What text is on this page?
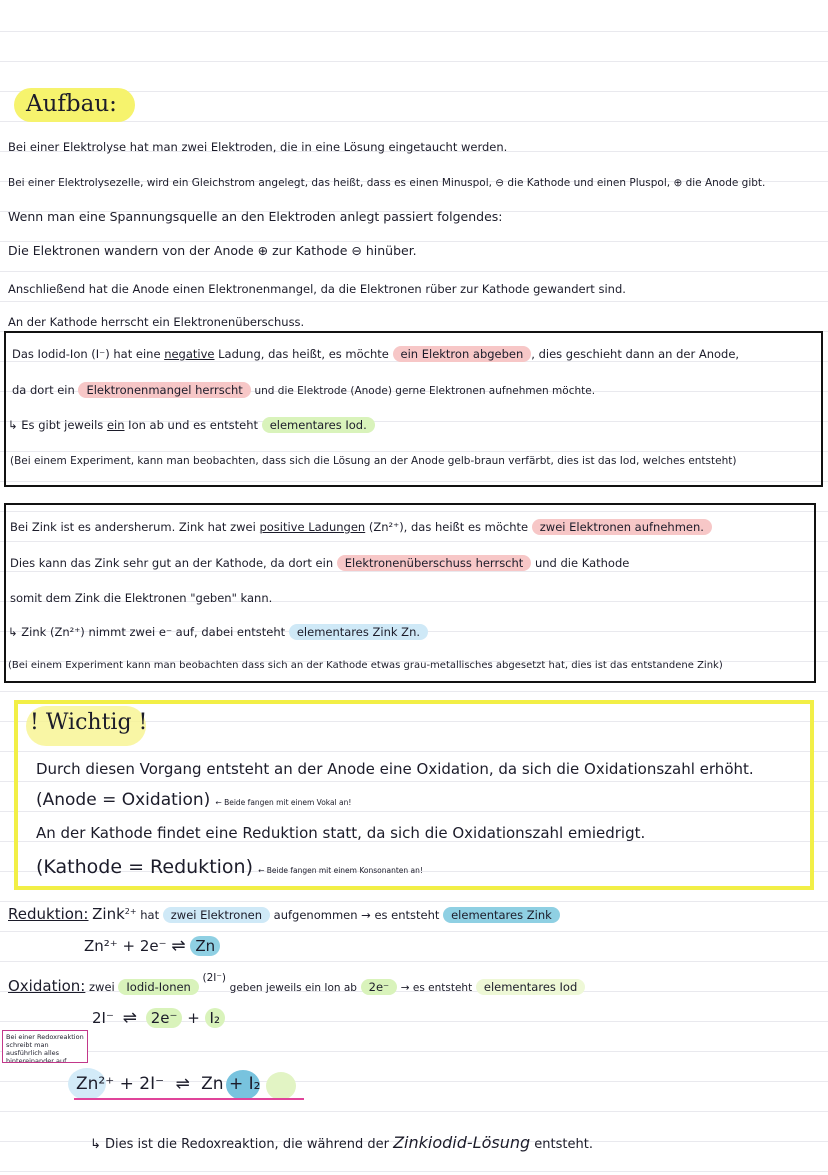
Aufbau:
Bei einer Elektrolyse hat man zwei Elektroden, die in eine Lösung eingetaucht werden.
Bei einer Elektrolysezelle, wird ein Gleichstrom angelegt, das heißt, dass es einen Minuspol, ⊖ die Kathode und einen Pluspol, ⊕ die Anode gibt.
Wenn man eine Spannungsquelle an den Elektroden anlegt passiert folgendes:
Die Elektronen wandern von der Anode ⊕ zur Kathode ⊖ hinüber.
Anschließend hat die Anode einen Elektronenmangel, da die Elektronen rüber zur Kathode gewandert sind.
An der Kathode herrscht ein Elektronenüberschuss.
Das Iodid-Ion (I⁻) hat eine negative Ladung, das heißt, es möchte ein Elektron abgeben , dies geschieht dann an der Anode,
da dort ein Elektronenmangel herrscht und die Elektrode (Anode) gerne Elektronen aufnehmen möchte.
↳ Es gibt jeweils ein Ion ab und es entsteht elementares Iod.
(Bei einem Experiment, kann man beobachten, dass sich die Lösung an der Anode gelb-braun verfärbt, dies ist das Iod, welches entsteht)
Bei Zink ist es andersherum. Zink hat zwei positive Ladungen (Zn²⁺), das heißt es möchte zwei Elektronen aufnehmen.
Dies kann das Zink sehr gut an der Kathode, da dort ein Elektronenüberschuss herrscht und die Kathode
somit dem Zink die Elektronen "geben" kann.
↳ Zink (Zn²⁺) nimmt zwei e⁻ auf, dabei entsteht elementares Zink Zn.
(Bei einem Experiment kann man beobachten dass sich an der Kathode etwas grau-metallisches abgesetzt hat, dies ist das entstandene Zink)
! Wichtig !
Durch diesen Vorgang entsteht an der Anode eine Oxidation, da sich die Oxidationszahl erhöht.
(Anode = Oxidation) ← Beide fangen mit einem Vokal an!
An der Kathode findet eine Reduktion statt, da sich die Oxidationszahl emiedrigt.
(Kathode = Reduktion) ← Beide fangen mit einem Konsonanten an!
Reduktion: Zink$^{2+}$ hat zwei Elektronen aufgenommen → es entsteht elementares Zink
Zn²⁺ + 2e⁻ ⇌ Zn
Oxidation: zwei Iodid-Ionen (2I⁻) geben jeweils ein Ion ab 2e⁻ → es entsteht elementares Iod
2I⁻ ⇌ 2e⁻ + I₂
Bei einer Redoxreaktion schreibt man ausführlich alles hintereinander auf.
Zn²⁺ + 2I⁻ ⇌ Zn + I₂
↳ Dies ist die Redoxreaktion, die während der Zinkiodid-Lösung entsteht.
